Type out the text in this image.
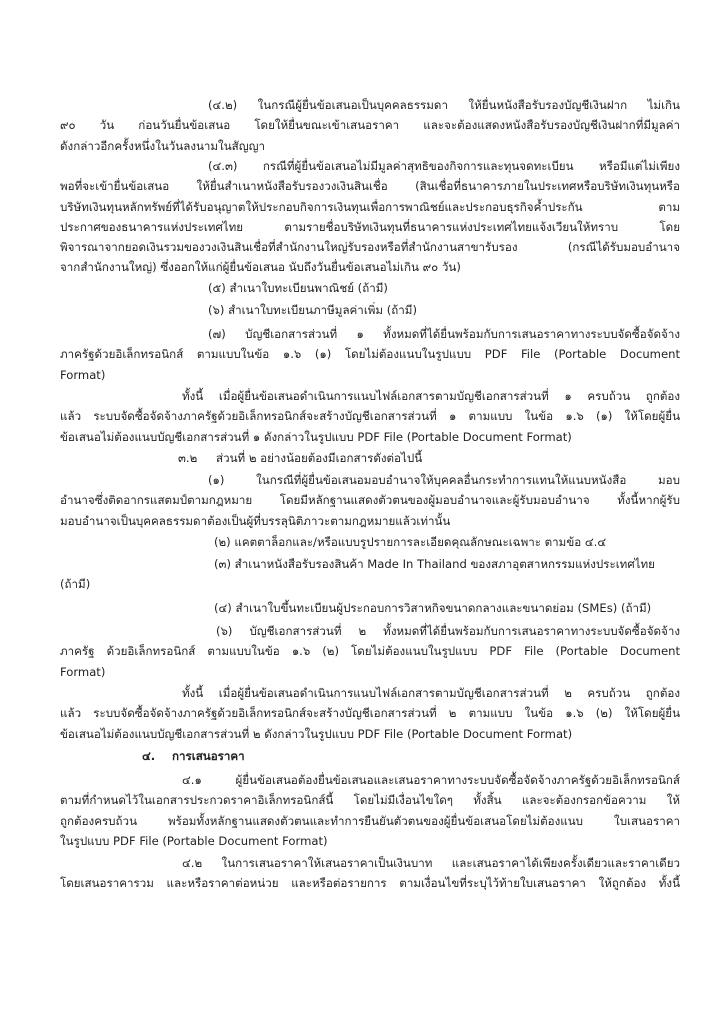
(๔.๒) ในกรณีผู้ยื่นข้อเสนอเป็นบุคคลธรรมดา ให้ยื่นหนังสือรับรองบัญชีเงินฝาก ไม่เกิน
๙๐ วัน ก่อนวันยื่นข้อเสนอ โดยให้ยื่นขณะเข้าเสนอราคา และจะต้องแสดงหนังสือรับรองบัญชีเงินฝากที่มีมูลค่า
ดังกล่าวอีกครั้งหนึ่งในวันลงนามในสัญญา
(๔.๓) กรณีที่ผู้ยื่นข้อเสนอไม่มีมูลค่าสุทธิของกิจการและทุนจดทะเบียน หรือมีแต่ไม่เพียง
พอที่จะเข้ายื่นข้อเสนอ ให้ยื่นสำเนาหนังสือรับรองวงเงินสินเชื่อ (สินเชื่อที่ธนาคารภายในประเทศหรือบริษัทเงินทุนหรือ
บริษัทเงินทุนหลักทรัพย์ที่ได้รับอนุญาตให้ประกอบกิจการเงินทุนเพื่อการพาณิชย์และประกอบธุรกิจค้ำประกัน ตาม
ประกาศของธนาคารแห่งประเทศไทย ตามรายชื่อบริษัทเงินทุนที่ธนาคารแห่งประเทศไทยแจ้งเวียนให้ทราบ โดย
พิจารณาจากยอดเงินรวมของวงเงินสินเชื่อที่สำนักงานใหญ่รับรองหรือที่สำนักงานสาขารับรอง (กรณีได้รับมอบอำนาจ
จากสำนักงานใหญ่) ซึ่งออกให้แก่ผู้ยื่นข้อเสนอ นับถึงวันยื่นข้อเสนอไม่เกิน ๙๐ วัน)
(๕) สำเนาใบทะเบียนพาณิชย์ (ถ้ามี)
(๖) สำเนาใบทะเบียนภาษีมูลค่าเพิ่ม (ถ้ามี)
(๗) บัญชีเอกสารส่วนที่ ๑ ทั้งหมดที่ได้ยื่นพร้อมกับการเสนอราคาทางระบบจัดซื้อจัดจ้าง
ภาครัฐด้วยอิเล็กทรอนิกส์ ตามแบบในข้อ ๑.๖ (๑) โดยไม่ต้องแนบในรูปแบบ PDF File (Portable Document
Format)
ทั้งนี้ เมื่อผู้ยื่นข้อเสนอดำเนินการแนบไฟล์เอกสารตามบัญชีเอกสารส่วนที่ ๑ ครบถ้วน ถูกต้อง
แล้ว ระบบจัดซื้อจัดจ้างภาครัฐด้วยอิเล็กทรอนิกส์จะสร้างบัญชีเอกสารส่วนที่ ๑ ตามแบบ ในข้อ ๑.๖ (๑) ให้โดยผู้ยื่น
ข้อเสนอไม่ต้องแนบบัญชีเอกสารส่วนที่ ๑ ดังกล่าวในรูปแบบ PDF File (Portable Document Format)
๓.๒ ส่วนที่ ๒ อย่างน้อยต้องมีเอกสารดังต่อไปนี้
(๑) ในกรณีที่ผู้ยื่นข้อเสนอมอบอำนาจให้บุคคลอื่นกระทำการแทนให้แนบหนังสือ มอบ
อำนาจซึ่งติดอากรแสตมป์ตามกฎหมาย โดยมีหลักฐานแสดงตัวตนของผู้มอบอำนาจและผู้รับมอบอำนาจ ทั้งนี้หากผู้รับ
มอบอำนาจเป็นบุคคลธรรมดาต้องเป็นผู้ที่บรรลุนิติภาวะตามกฎหมายแล้วเท่านั้น
(๒) แคตตาล็อกและ/หรือแบบรูปรายการละเอียดคุณลักษณะเฉพาะ ตามข้อ ๔.๔
(๓) สำเนาหนังสือรับรองสินค้า Made In Thailand ของสภาอุตสาหกรรมแห่งประเทศไทย
(ถ้ามี)
(๔) สำเนาใบขึ้นทะเบียนผู้ประกอบการวิสาหกิจขนาดกลางและขนาดย่อม (SMEs) (ถ้ามี)
(๖) บัญชีเอกสารส่วนที่ ๒ ทั้งหมดที่ได้ยื่นพร้อมกับการเสนอราคาทางระบบจัดซื้อจัดจ้าง
ภาครัฐ ด้วยอิเล็กทรอนิกส์ ตามแบบในข้อ ๑.๖ (๒) โดยไม่ต้องแนบในรูปแบบ PDF File (Portable Document
Format)
ทั้งนี้ เมื่อผู้ยื่นข้อเสนอดำเนินการแนบไฟล์เอกสารตามบัญชีเอกสารส่วนที่ ๒ ครบถ้วน ถูกต้อง
แล้ว ระบบจัดซื้อจัดจ้างภาครัฐด้วยอิเล็กทรอนิกส์จะสร้างบัญชีเอกสารส่วนที่ ๒ ตามแบบ ในข้อ ๑.๖ (๒) ให้โดยผู้ยื่น
ข้อเสนอไม่ต้องแนบบัญชีเอกสารส่วนที่ ๒ ดังกล่าวในรูปแบบ PDF File (Portable Document Format)
๔. การเสนอราคา
๔.๑ ผู้ยื่นข้อเสนอต้องยื่นข้อเสนอและเสนอราคาทางระบบจัดซื้อจัดจ้างภาครัฐด้วยอิเล็กทรอนิกส์
ตามที่กำหนดไว้ในเอกสารประกวดราคาอิเล็กทรอนิกส์นี้ โดยไม่มีเงื่อนไขใดๆ ทั้งสิ้น และจะต้องกรอกข้อความ ให้
ถูกต้องครบถ้วน พร้อมทั้งหลักฐานแสดงตัวตนและทำการยืนยันตัวตนของผู้ยื่นข้อเสนอโดยไม่ต้องแนบ ใบเสนอราคา
ในรูปแบบ PDF File (Portable Document Format)
๔.๒ ในการเสนอราคาให้เสนอราคาเป็นเงินบาท และเสนอราคาได้เพียงครั้งเดียวและราคาเดียว
โดยเสนอราคารวม และหรือราคาต่อหน่วย และหรือต่อรายการ ตามเงื่อนไขที่ระบุไว้ท้ายใบเสนอราคา ให้ถูกต้อง ทั้งนี้
